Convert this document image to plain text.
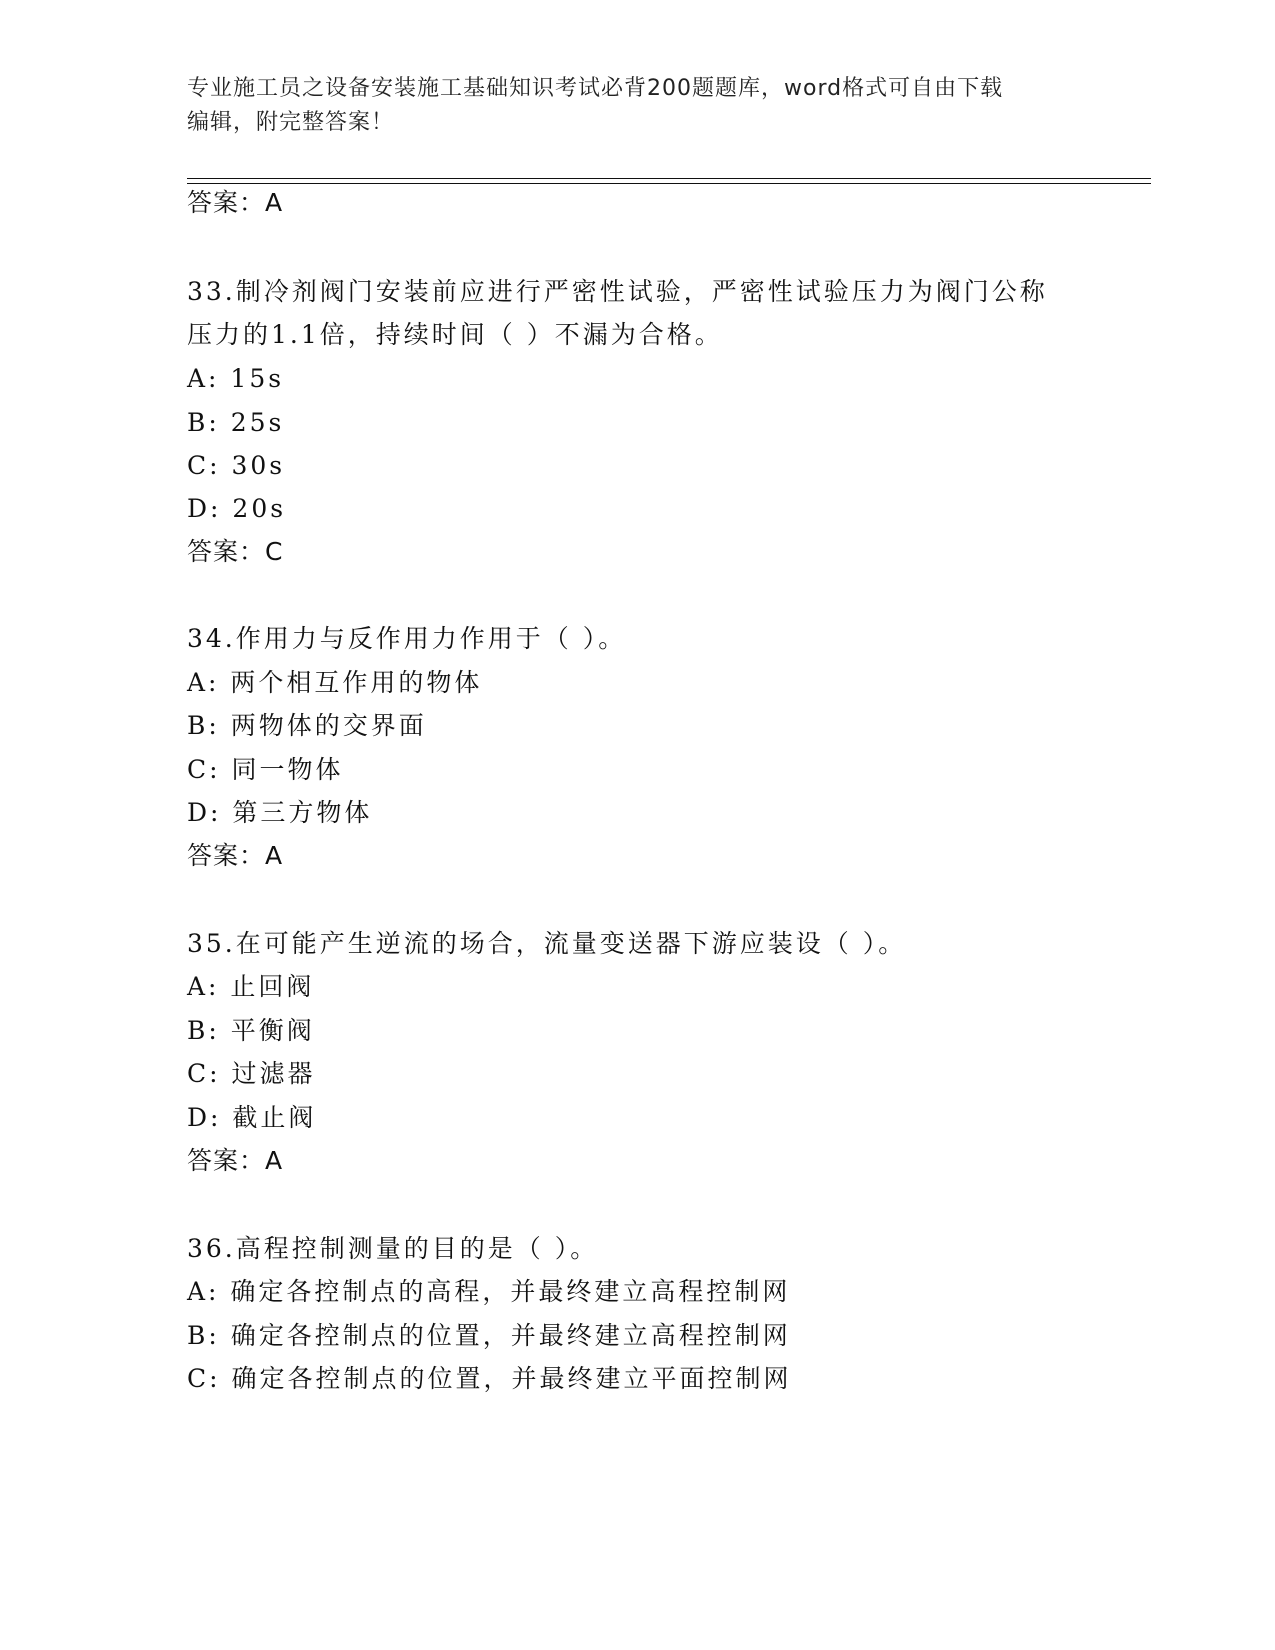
专业施工员之设备安装施工基础知识考试必背200题题库，word格式可自由下载
编辑，附完整答案！
答案：A
33.制冷剂阀门安装前应进行严密性试验，严密性试验压力为阀门公称
压力的1.1倍，持续时间（ ）不漏为合格。
A: 15s
B: 25s
C: 30s
D: 20s
答案：C
34.作用力与反作用力作用于（ ）。
A: 两个相互作用的物体
B: 两物体的交界面
C: 同一物体
D: 第三方物体
答案：A
35.在可能产生逆流的场合，流量变送器下游应装设（ ）。
A: 止回阀
B: 平衡阀
C: 过滤器
D: 截止阀
答案：A
36.高程控制测量的目的是（ ）。
A: 确定各控制点的高程，并最终建立高程控制网
B: 确定各控制点的位置，并最终建立高程控制网
C: 确定各控制点的位置，并最终建立平面控制网
